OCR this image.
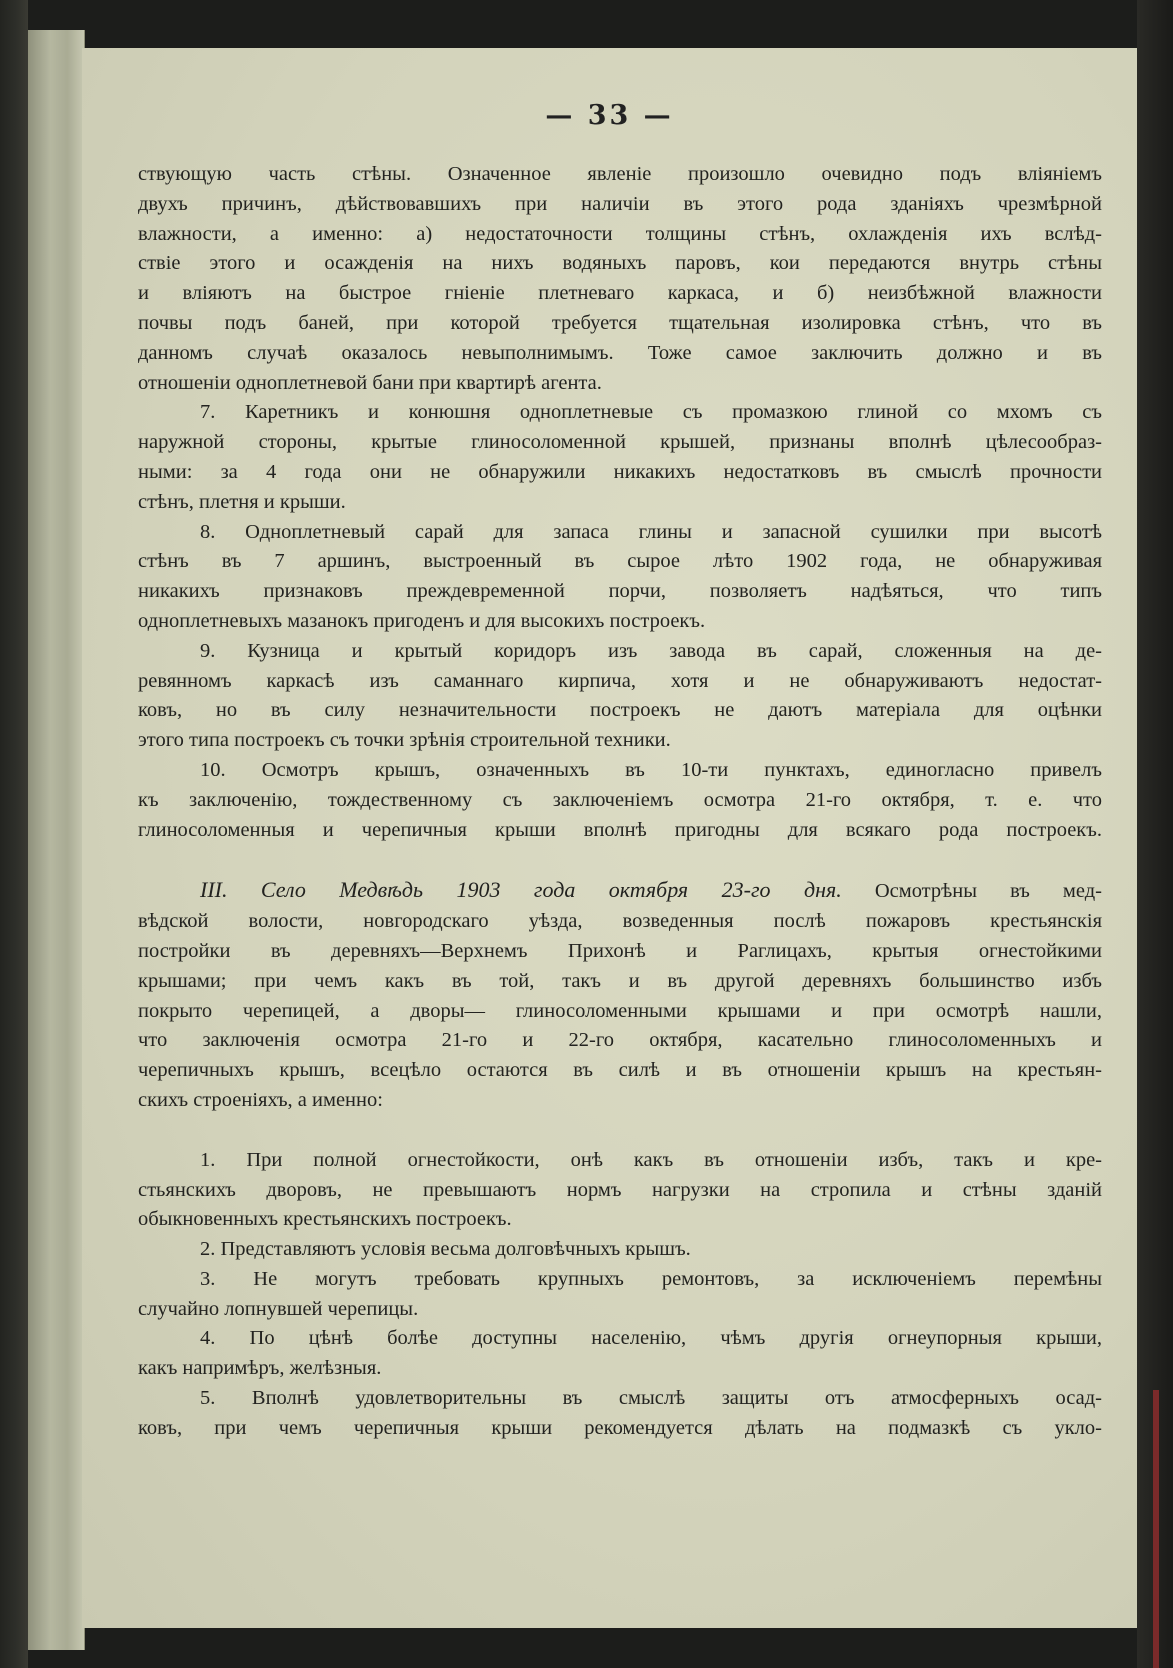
— 33 —
ствующую часть стѣны. Означенное явленіе произошло очевидно подъ вліяніемъ
двухъ причинъ, дѣйствовавшихъ при наличіи въ этого рода зданіяхъ чрезмѣрной
влажности, а именно: а) недостаточности толщины стѣнъ, охлажденія ихъ вслѣд-
ствіе этого и осажденія на нихъ водяныхъ паровъ, кои передаются внутрь стѣны
и вліяютъ на быстрое гніеніе плетневаго каркаса, и б) неизбѣжной влажности
почвы подъ баней, при которой требуется тщательная изолировка стѣнъ, что въ
данномъ случаѣ оказалось невыполнимымъ. Тоже самое заключить должно и въ
отношеніи одноплетневой бани при квартирѣ агента.
7. Каретникъ и конюшня одноплетневые съ промазкою глиной со мхомъ съ
наружной стороны, крытые глиносоломенной крышей, признаны вполнѣ цѣлесообраз-
ными: за 4 года они не обнаружили никакихъ недостатковъ въ смыслѣ прочности
стѣнъ, плетня и крыши.
8. Одноплетневый сарай для запаса глины и запасной сушилки при высотѣ
стѣнъ въ 7 аршинъ, выстроенный въ сырое лѣто 1902 года, не обнаруживая
никакихъ признаковъ преждевременной порчи, позволяетъ надѣяться, что типъ
одноплетневыхъ мазанокъ пригоденъ и для высокихъ построекъ.
9. Кузница и крытый коридоръ изъ завода въ сарай, сложенныя на де-
ревянномъ каркасѣ изъ саманнаго кирпича, хотя и не обнаруживаютъ недостат-
ковъ, но въ силу незначительности построекъ не даютъ матеріала для оцѣнки
этого типа построекъ съ точки зрѣнія строительной техники.
10. Осмотръ крышъ, означенныхъ въ 10-ти пунктахъ, единогласно привелъ
къ заключенію, тождественному съ заключеніемъ осмотра 21-го октября, т. е. что
глиносоломенныя и черепичныя крыши вполнѣ пригодны для всякаго рода построекъ.
III. Село Медвѣдь 1903 года октября 23-го дня. Осмотрѣны въ мед-
вѣдской волости, новгородскаго уѣзда, возведенныя послѣ пожаровъ крестьянскія
постройки въ деревняхъ—Верхнемъ Прихонѣ и Раглицахъ, крытыя огнестойкими
крышами; при чемъ какъ въ той, такъ и въ другой деревняхъ большинство избъ
покрыто черепицей, а дворы— глиносоломенными крышами и при осмотрѣ нашли,
что заключенія осмотра 21-го и 22-го октября, касательно глиносоломенныхъ и
черепичныхъ крышъ, всецѣло остаются въ силѣ и въ отношеніи крышъ на крестьян-
скихъ строеніяхъ, а именно:
1. При полной огнестойкости, онѣ какъ въ отношеніи избъ, такъ и кре-
стьянскихъ дворовъ, не превышаютъ нормъ нагрузки на стропила и стѣны зданій
обыкновенныхъ крестьянскихъ построекъ.
2. Представляютъ условія весьма долговѣчныхъ крышъ.
3. Не могутъ требовать крупныхъ ремонтовъ, за исключеніемъ перемѣны
случайно лопнувшей черепицы.
4. По цѣнѣ болѣе доступны населенію, чѣмъ другія огнеупорныя крыши,
какъ напримѣръ, желѣзныя.
5. Вполнѣ удовлетворительны въ смыслѣ защиты отъ атмосферныхъ осад-
ковъ, при чемъ черепичныя крыши рекомендуется дѣлать на подмазкѣ съ укло-
